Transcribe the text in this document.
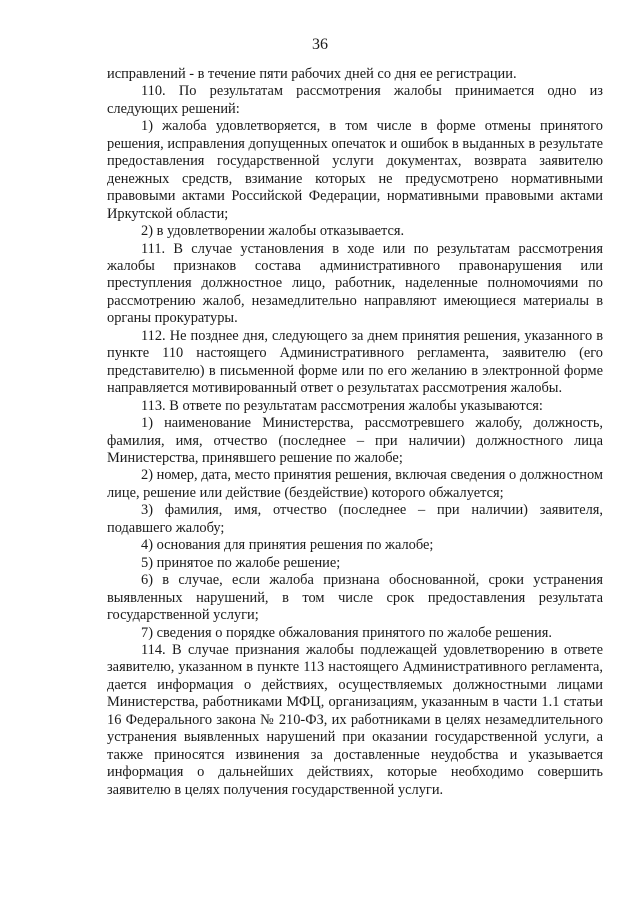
36

исправлений - в течение пяти рабочих дней со дня ее регистрации.

110. По результатам рассмотрения жалобы принимается одно из следующих решений:

1) жалоба удовлетворяется, в том числе в форме отмены принятого решения, исправления допущенных опечаток и ошибок в выданных в результате предоставления государственной услуги документах, возврата заявителю денежных средств, взимание которых не предусмотрено нормативными правовыми актами Российской Федерации, нормативными правовыми актами Иркутской области;

2) в удовлетворении жалобы отказывается.

111. В случае установления в ходе или по результатам рассмотрения жалобы признаков состава административного правонарушения или преступления должностное лицо, работник, наделенные полномочиями по рассмотрению жалоб, незамедлительно направляют имеющиеся материалы в органы прокуратуры.

112. Не позднее дня, следующего за днем принятия решения, указанного в пункте 110 настоящего Административного регламента, заявителю (его представителю) в письменной форме или по его желанию в электронной форме направляется мотивированный ответ о результатах рассмотрения жалобы.

113. В ответе по результатам рассмотрения жалобы указываются:

1) наименование Министерства, рассмотревшего жалобу, должность, фамилия, имя, отчество (последнее – при наличии) должностного лица Министерства, принявшего решение по жалобе;

2) номер, дата, место принятия решения, включая сведения о должностном лице, решение или действие (бездействие) которого обжалуется;

3) фамилия, имя, отчество (последнее – при наличии) заявителя, подавшего жалобу;

4) основания для принятия решения по жалобе;

5) принятое по жалобе решение;

6) в случае, если жалоба признана обоснованной, сроки устранения выявленных нарушений, в том числе срок предоставления результата государственной услуги;

7) сведения о порядке обжалования принятого по жалобе решения.

114. В случае признания жалобы подлежащей удовлетворению в ответе заявителю, указанном в пункте 113 настоящего Административного регламента, дается информация о действиях, осуществляемых должностными лицами Министерства, работниками МФЦ, организациям, указанным в части 1.1 статьи 16 Федерального закона № 210-ФЗ, их работниками в целях незамедлительного устранения выявленных нарушений при оказании государственной услуги, а также приносятся извинения за доставленные неудобства и указывается информация о дальнейших действиях, которые необходимо совершить заявителю в целях получения государственной услуги.
